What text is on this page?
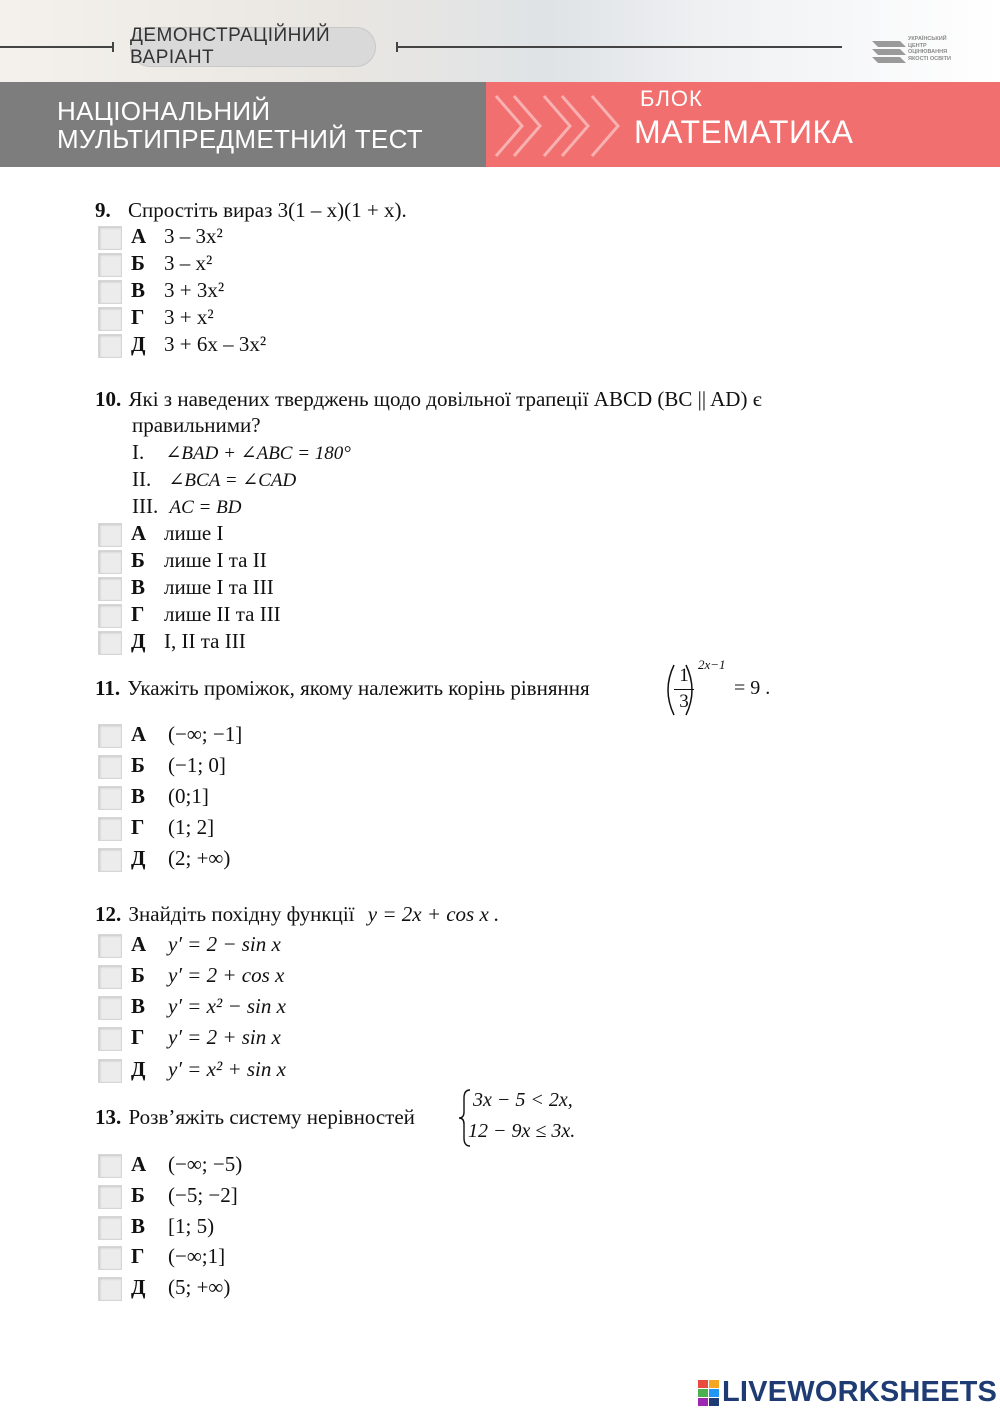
ДЕМОНСТРАЦІЙНИЙ ВАРІАНТ
УКРАЇНСЬКИЙ
ЦЕНТР
ОЦІНЮВАННЯ
ЯКОСТІ ОСВІТИ
НАЦІОНАЛЬНИЙ
МУЛЬТИПРЕДМЕТНИЙ ТЕСТ
БЛОК
МАТЕМАТИКА
9. Спростіть вираз 3(1 – x)(1 + x).
А 3 – 3x²
Б 3 – x²
В 3 + 3x²
Г 3 + x²
Д 3 + 6x – 3x²
10. Які з наведених тверджень щодо довільної трапеції ABCD (BC || AD) є
правильними?
I. ∠BAD + ∠ABC = 180°
II. ∠BCA = ∠CAD
III. AC = BD
А лише I
Б лише I та II
В лише I та III
Г лише II та III
Д I, II та III
11. Укажіть проміжок, якому належить корінь рівняння
1
3
2x−1
= 9 .
А (−∞; −1]
Б (−1; 0]
В (0;1]
Г (1; 2]
Д (2; +∞)
12. Знайдіть похідну функції y = 2x + cos x .
А y′ = 2 − sin x
Б y′ = 2 + cos x
В y′ = x² − sin x
Г y′ = 2 + sin x
Д y′ = x² + sin x
13. Розв’яжіть систему нерівностей
3x − 5 < 2x,
12 − 9x ≤ 3x.
А (−∞; −5)
Б (−5; −2]
В [1; 5)
Г (−∞;1]
Д (5; +∞)
LIVEWORKSHEETS
